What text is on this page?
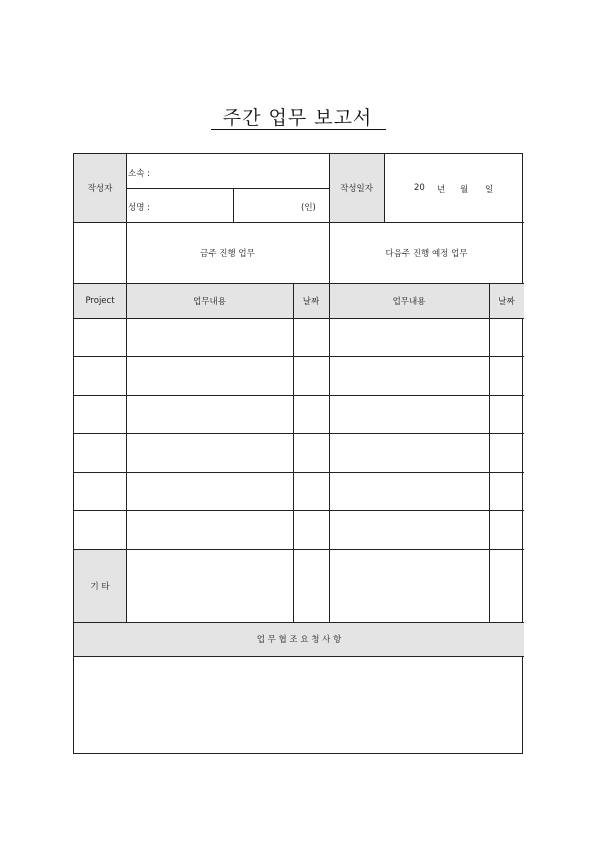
주간 업무 보고서
작성자
소속 :
성명 :	(인)
작성일자	20 년 월 일
금주 진행 업무	다음주 진행 예정 업무
Project	업무내용	날짜	업무내용	날짜
기 타
업 무 협 조 요 청 사 항
